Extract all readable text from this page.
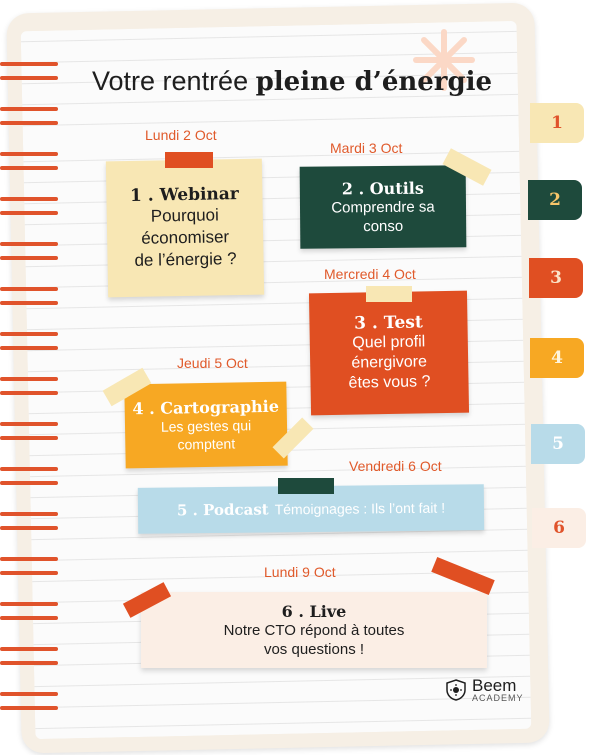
1
2
3
4
5
6
Votre rentrée pleine d’énergie
Lundi 2 Oct
1 . Webinar
Pourquoi
économiser
de l’énergie ?
Mardi 3 Oct
2 . Outils
Comprendre sa
conso
Mercredi 4 Oct
3 . Test
Quel profil
énergivore
êtes vous ?
Jeudi 5 Oct
4 . Cartographie
Les gestes qui
comptent
Vendredi 6 Oct
5 . Podcast Témoignages : Ils l’ont fait !
Lundi 9 Oct
6 . Live
Notre CTO répond à toutes
vos questions !
Beem
ACADEMY
